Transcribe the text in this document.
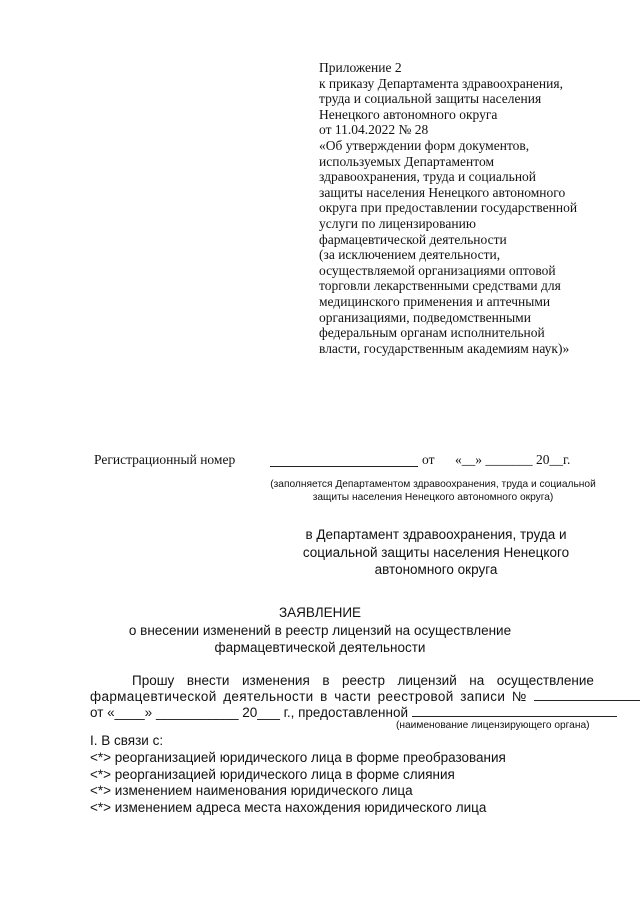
Приложение 2
к приказу Департамента здравоохранения,
труда и социальной защиты населения
Ненецкого автономного округа
от 11.04.2022 № 28
«Об утверждении форм документов,
используемых Департаментом
здравоохранения, труда и социальной
защиты населения Ненецкого автономного
округа при предоставлении государственной
услуги по лицензированию
фармацевтической деятельности
(за исключением деятельности,
осуществляемой организациями оптовой
торговли лекарственными средствами для
медицинского применения и аптечными
организациями, подведомственными
федеральным органам исполнительной
власти, государственным академиям наук)»
Регистрационный номер	от «__» _______ 20__г.
(заполняется Департаментом здравоохранения, труда и социальной защиты населения Ненецкого автономного округа)
в Департамент здравоохранения, труда и социальной защиты населения Ненецкого автономного округа
ЗАЯВЛЕНИЕ
о внесении изменений в реестр лицензий на осуществление
фармацевтической деятельности
Прошу внести изменения в реестр лицензий на осуществление
фармацевтической деятельности в части реестровой записи №
от «____» ___________ 20___ г., предоставленной
(наименование лицензирующего органа)
I. В связи с:
<*> реорганизацией юридического лица в форме преобразования
<*> реорганизацией юридического лица в форме слияния
<*> изменением наименования юридического лица
<*> изменением адреса места нахождения юридического лица
